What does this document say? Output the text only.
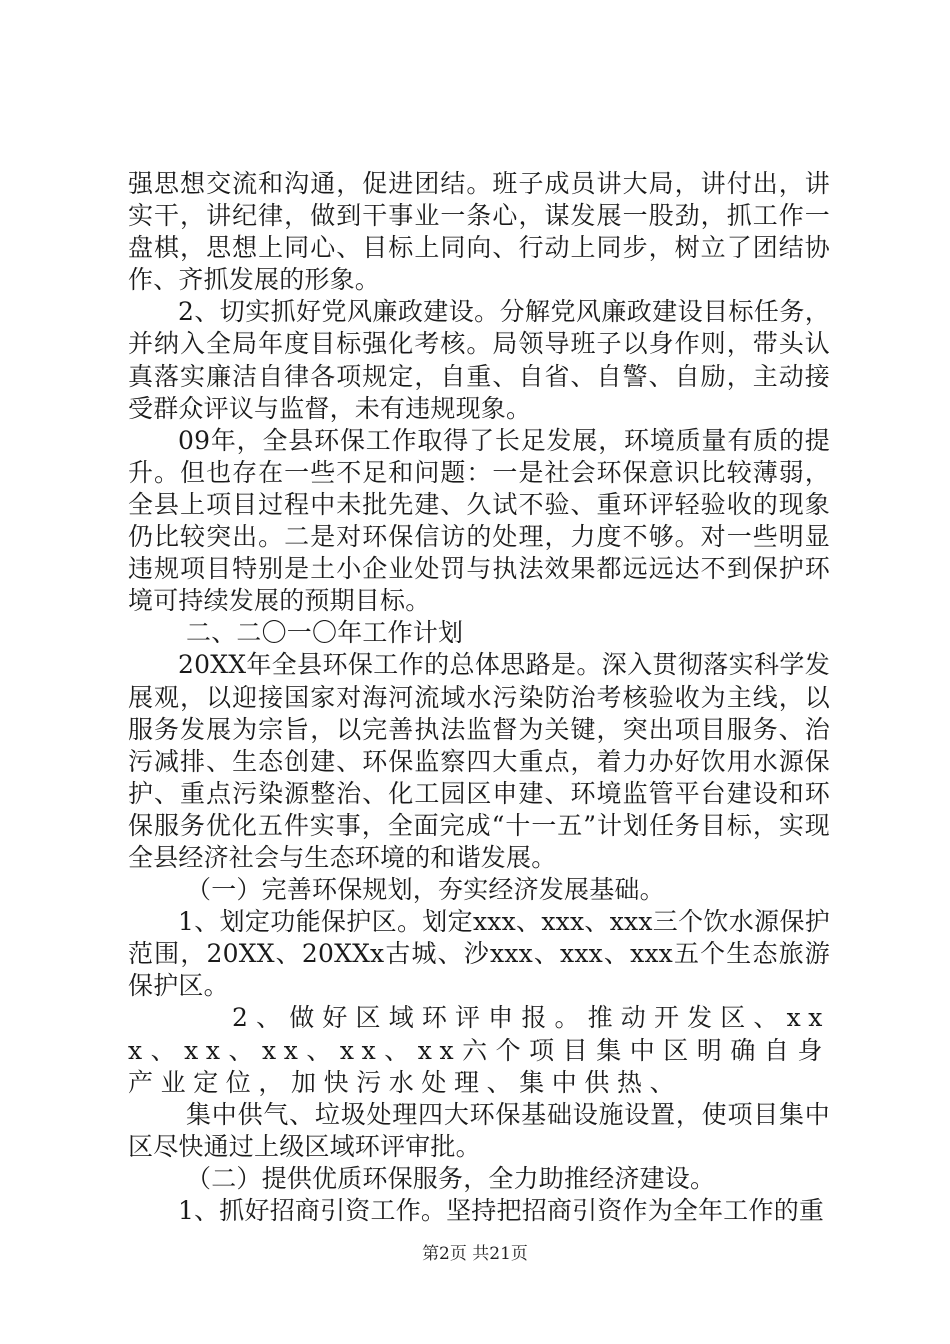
强思想交流和沟通，促进团结。班子成员讲大局，讲付出，讲实干，讲纪律，做到干事业一条心，谋发展一股劲，抓工作一盘棋，思想上同心、目标上同向、行动上同步，树立了团结协作、齐抓发展的形象。

2、切实抓好党风廉政建设。分解党风廉政建设目标任务，并纳入全局年度目标强化考核。局领导班子以身作则，带头认真落实廉洁自律各项规定，自重、自省、自警、自励，主动接受群众评议与监督，未有违规现象。

09年，全县环保工作取得了长足发展，环境质量有质的提升。但也存在一些不足和问题：一是社会环保意识比较薄弱，全县上项目过程中未批先建、久试不验、重环评轻验收的现象仍比较突出。二是对环保信访的处理，力度不够。对一些明显违规项目特别是土小企业处罚与执法效果都远远达不到保护环境可持续发展的预期目标。

二、二〇一〇年工作计划

20XX年全县环保工作的总体思路是。深入贯彻落实科学发展观，以迎接国家对海河流域水污染防治考核验收为主线，以服务发展为宗旨，以完善执法监督为关键，突出项目服务、治污减排、生态创建、环保监察四大重点，着力办好饮用水源保护、重点污染源整治、化工园区申建、环境监管平台建设和环保服务优化五件实事，全面完成“十一五”计划任务目标，实现全县经济社会与生态环境的和谐发展。

（一）完善环保规划，夯实经济发展基础。

1、划定功能保护区。划定xxx、xxx、xxx三个饮水源保护范围，20XX、20XXx古城、沙xxx、xxx、xxx五个生态旅游保护区。

2、做好区域环评申报。推动开发区、xxx、xx、xx、xx、xx六个项目集中区明确自身产业定位，加快污水处理、集中供热、

集中供气、垃圾处理四大环保基础设施设置，使项目集中区尽快通过上级区域环评审批。

（二）提供优质环保服务，全力助推经济建设。

1、抓好招商引资工作。坚持把招商引资作为全年工作的重

第2页 共21页
